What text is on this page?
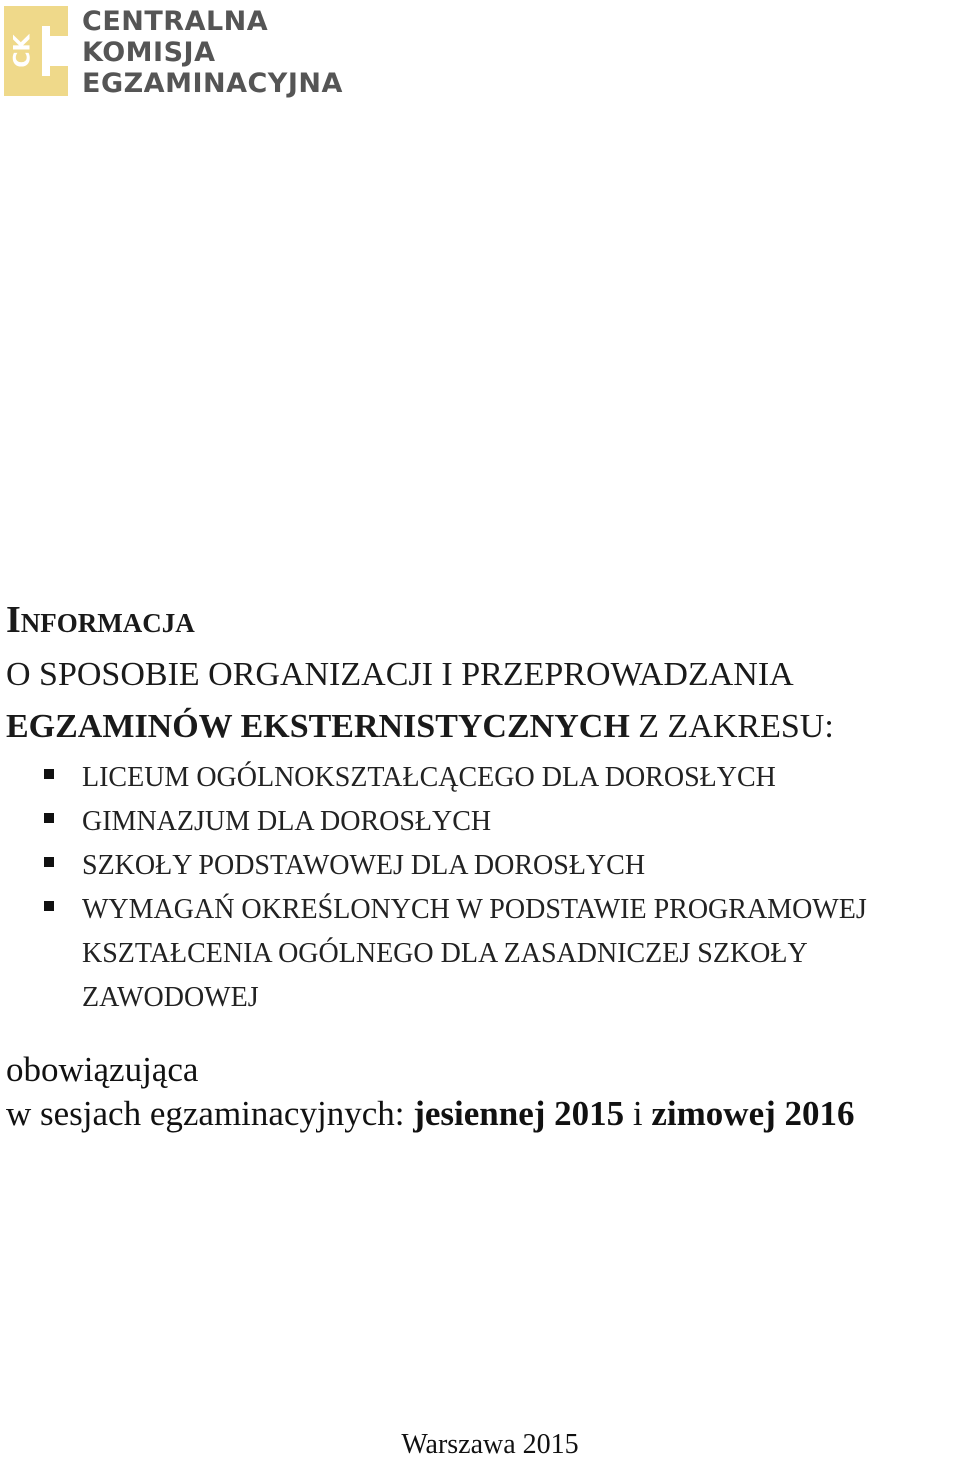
CK
CENTRALNA
KOMISJA
EGZAMINACYJNA
Informacja
O SPOSOBIE ORGANIZACJI I PRZEPROWADZANIA
EGZAMINÓW EKSTERNISTYCZNYCH Z ZAKRESU:
LICEUM OGÓLNOKSZTAŁCĄCEGO DLA DOROSŁYCH
GIMNAZJUM DLA DOROSŁYCH
SZKOŁY PODSTAWOWEJ DLA DOROSŁYCH
WYMAGAŃ OKREŚLONYCH W PODSTAWIE PROGRAMOWEJ
KSZTAŁCENIA OGÓLNEGO DLA ZASADNICZEJ SZKOŁY
ZAWODOWEJ
obowiązująca
w sesjach egzaminacyjnych: jesiennej 2015 i zimowej 2016
Warszawa 2015
